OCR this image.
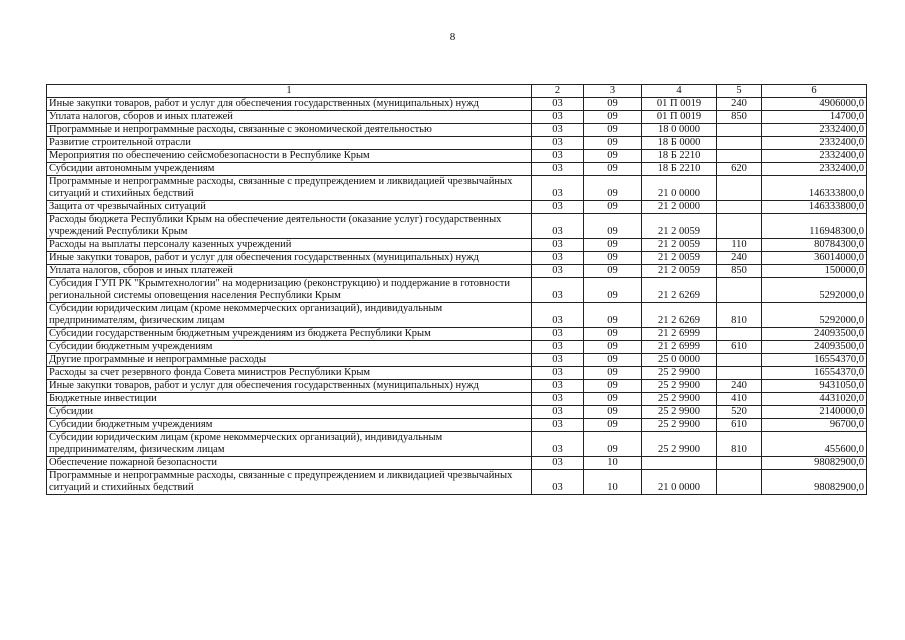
8
1	2	3	4	5	6
Иные закупки товаров, работ и услуг для обеспечения государственных (муниципальных) нужд	03	09	01 П 0019	240	4906000,0
Уплата налогов, сборов и иных платежей	03	09	01 П 0019	850	14700,0
Программные и непрограммные расходы, связанные с экономической деятельностью	03	09	18 0 0000		2332400,0
Развитие строительной отрасли	03	09	18 Б 0000		2332400,0
Мероприятия по обеспечению сейсмобезопасности в Республике Крым	03	09	18 Б 2210		2332400,0
Субсидии автономным учреждениям	03	09	18 Б 2210	620	2332400,0
Программные и непрограммные расходы, связанные с предупреждением и ликвидацией чрезвычайных ситуаций и стихийных бедствий	03	09	21 0 0000		146333800,0
Защита от чрезвычайных ситуаций	03	09	21 2 0000		146333800,0
Расходы бюджета Республики Крым на обеспечение деятельности (оказание услуг) государственных учреждений Республики Крым	03	09	21 2 0059		116948300,0
Расходы на выплаты персоналу казенных учреждений	03	09	21 2 0059	110	80784300,0
Иные закупки товаров, работ и услуг для обеспечения государственных (муниципальных) нужд	03	09	21 2 0059	240	36014000,0
Уплата налогов, сборов и иных платежей	03	09	21 2 0059	850	150000,0
Субсидия ГУП РК "Крымтехнологии" на модернизацию (реконструкцию) и поддержание в готовности региональной системы оповещения населения Республики Крым	03	09	21 2 6269		5292000,0
Субсидии юридическим лицам (кроме некоммерческих организаций), индивидуальным предпринимателям, физическим лицам	03	09	21 2 6269	810	5292000,0
Субсидии государственным бюджетным учреждениям из бюджета Республики Крым	03	09	21 2 6999		24093500,0
Субсидии бюджетным учреждениям	03	09	21 2 6999	610	24093500,0
Другие программные и непрограммные расходы	03	09	25 0 0000		16554370,0
Расходы за счет резервного фонда Совета министров Республики Крым	03	09	25 2 9900		16554370,0
Иные закупки товаров, работ и услуг для обеспечения государственных (муниципальных) нужд	03	09	25 2 9900	240	9431050,0
Бюджетные инвестиции	03	09	25 2 9900	410	4431020,0
Субсидии	03	09	25 2 9900	520	2140000,0
Субсидии бюджетным учреждениям	03	09	25 2 9900	610	96700,0
Субсидии юридическим лицам (кроме некоммерческих организаций), индивидуальным предпринимателям, физическим лицам	03	09	25 2 9900	810	455600,0
Обеспечение пожарной безопасности	03	10			98082900,0
Программные и непрограммные расходы, связанные с предупреждением и ликвидацией чрезвычайных ситуаций и стихийных бедствий	03	10	21 0 0000		98082900,0
